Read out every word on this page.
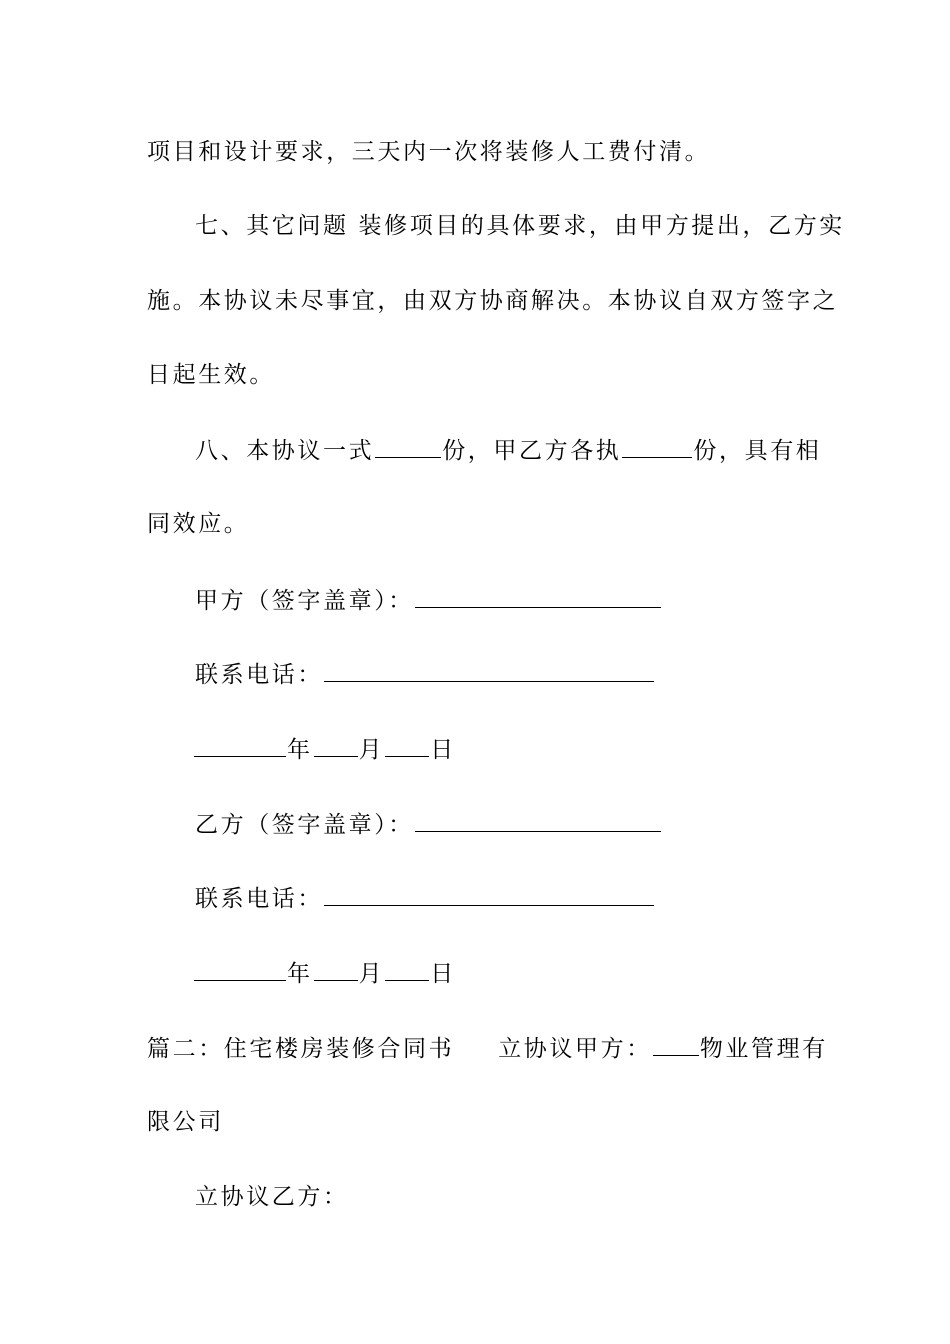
项目和设计要求，三天内一次将装修人工费付清。
七、其它问题 装修项目的具体要求，由甲方提出，乙方实
施。本协议未尽事宜，由双方协商解决。本协议自双方签字之
日起生效。
八、本协议一式	份，甲乙方各执	份，具有相
同效应。
甲方（签字盖章）：
联系电话：
年 月 日
乙方（签字盖章）：
联系电话：
年 月 日
篇二：住宅楼房装修合同书 立协议甲方： 物业管理有
限公司
立协议乙方：
